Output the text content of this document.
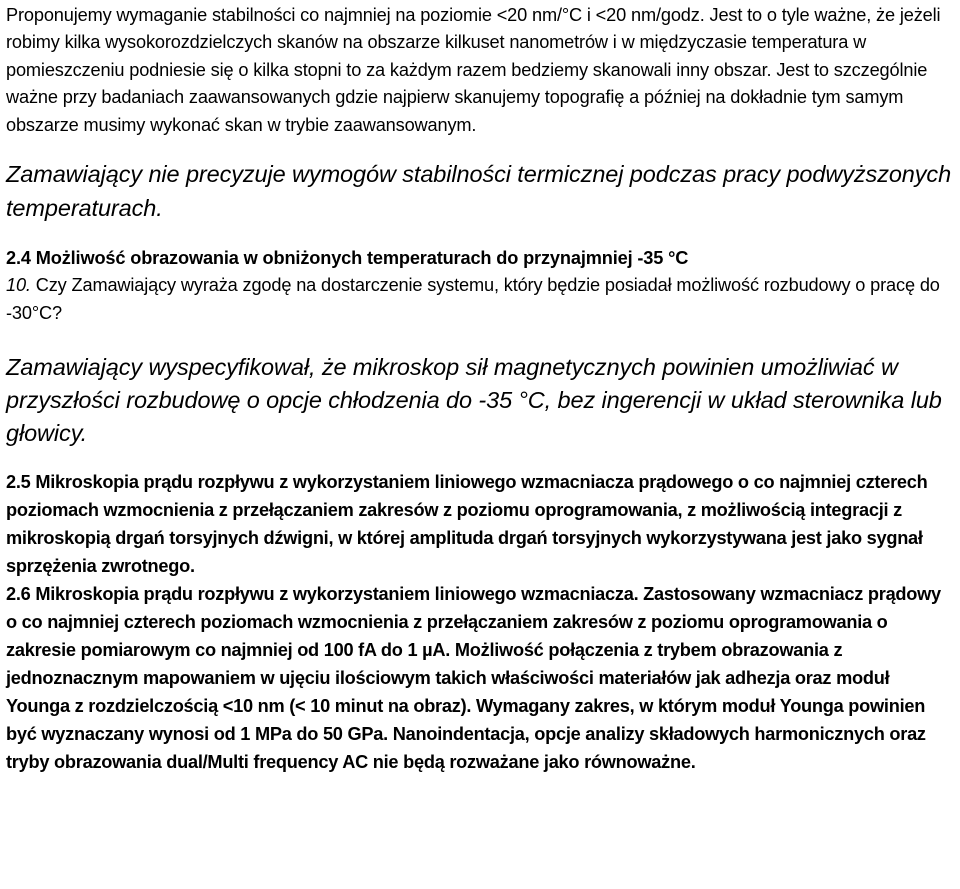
Proponujemy wymaganie stabilności co najmniej na poziomie <20 nm/°C i <20 nm/godz. Jest to o tyle ważne, że jeżeli robimy kilka wysokorozdzielczych skanów na obszarze kilkuset nanometrów i w międzyczasie temperatura w pomieszczeniu podniesie się o kilka stopni to za każdym razem bedziemy skanowali inny obszar. Jest to szczególnie ważne przy badaniach zaawansowanych gdzie najpierw skanujemy topografię a później na dokładnie tym samym obszarze musimy wykonać skan w trybie zaawansowanym.

Zamawiający nie precyzuje wymogów stabilności termicznej podczas pracy podwyższonych temperaturach.

2.4 Możliwość obrazowania w obniżonych temperaturach do przynajmniej -35 °C

10. Czy Zamawiający wyraża zgodę na dostarczenie systemu, który będzie posiadał możliwość rozbudowy o pracę do -30°C?

Zamawiający wyspecyfikował, że mikroskop sił magnetycznych powinien umożliwiać w przyszłości rozbudowę o opcje chłodzenia do -35 °C, bez ingerencji w układ sterownika lub głowicy.

2.5 Mikroskopia prądu rozpływu z wykorzystaniem liniowego wzmacniacza prądowego o co najmniej czterech poziomach wzmocnienia z przełączaniem zakresów z poziomu oprogramowania, z możliwością integracji z mikroskopią drgań torsyjnych dźwigni, w której amplituda drgań torsyjnych wykorzystywana jest jako sygnał sprzężenia zwrotnego.

2.6 Mikroskopia prądu rozpływu z wykorzystaniem liniowego wzmacniacza. Zastosowany wzmacniacz prądowy o co najmniej czterech poziomach wzmocnienia z przełączaniem zakresów z poziomu oprogramowania o zakresie pomiarowym co najmniej od 100 fA do 1 µA. Możliwość połączenia z trybem obrazowania z jednoznacznym mapowaniem w ujęciu ilościowym takich właściwości materiałów jak adhezja oraz moduł Younga z rozdzielczością <10 nm (< 10 minut na obraz). Wymagany zakres, w którym moduł Younga powinien być wyznaczany wynosi od 1 MPa do 50 GPa. Nanoindentacja, opcje analizy składowych harmonicznych oraz tryby obrazowania dual/Multi frequency AC nie będą rozważane jako równoważne.
